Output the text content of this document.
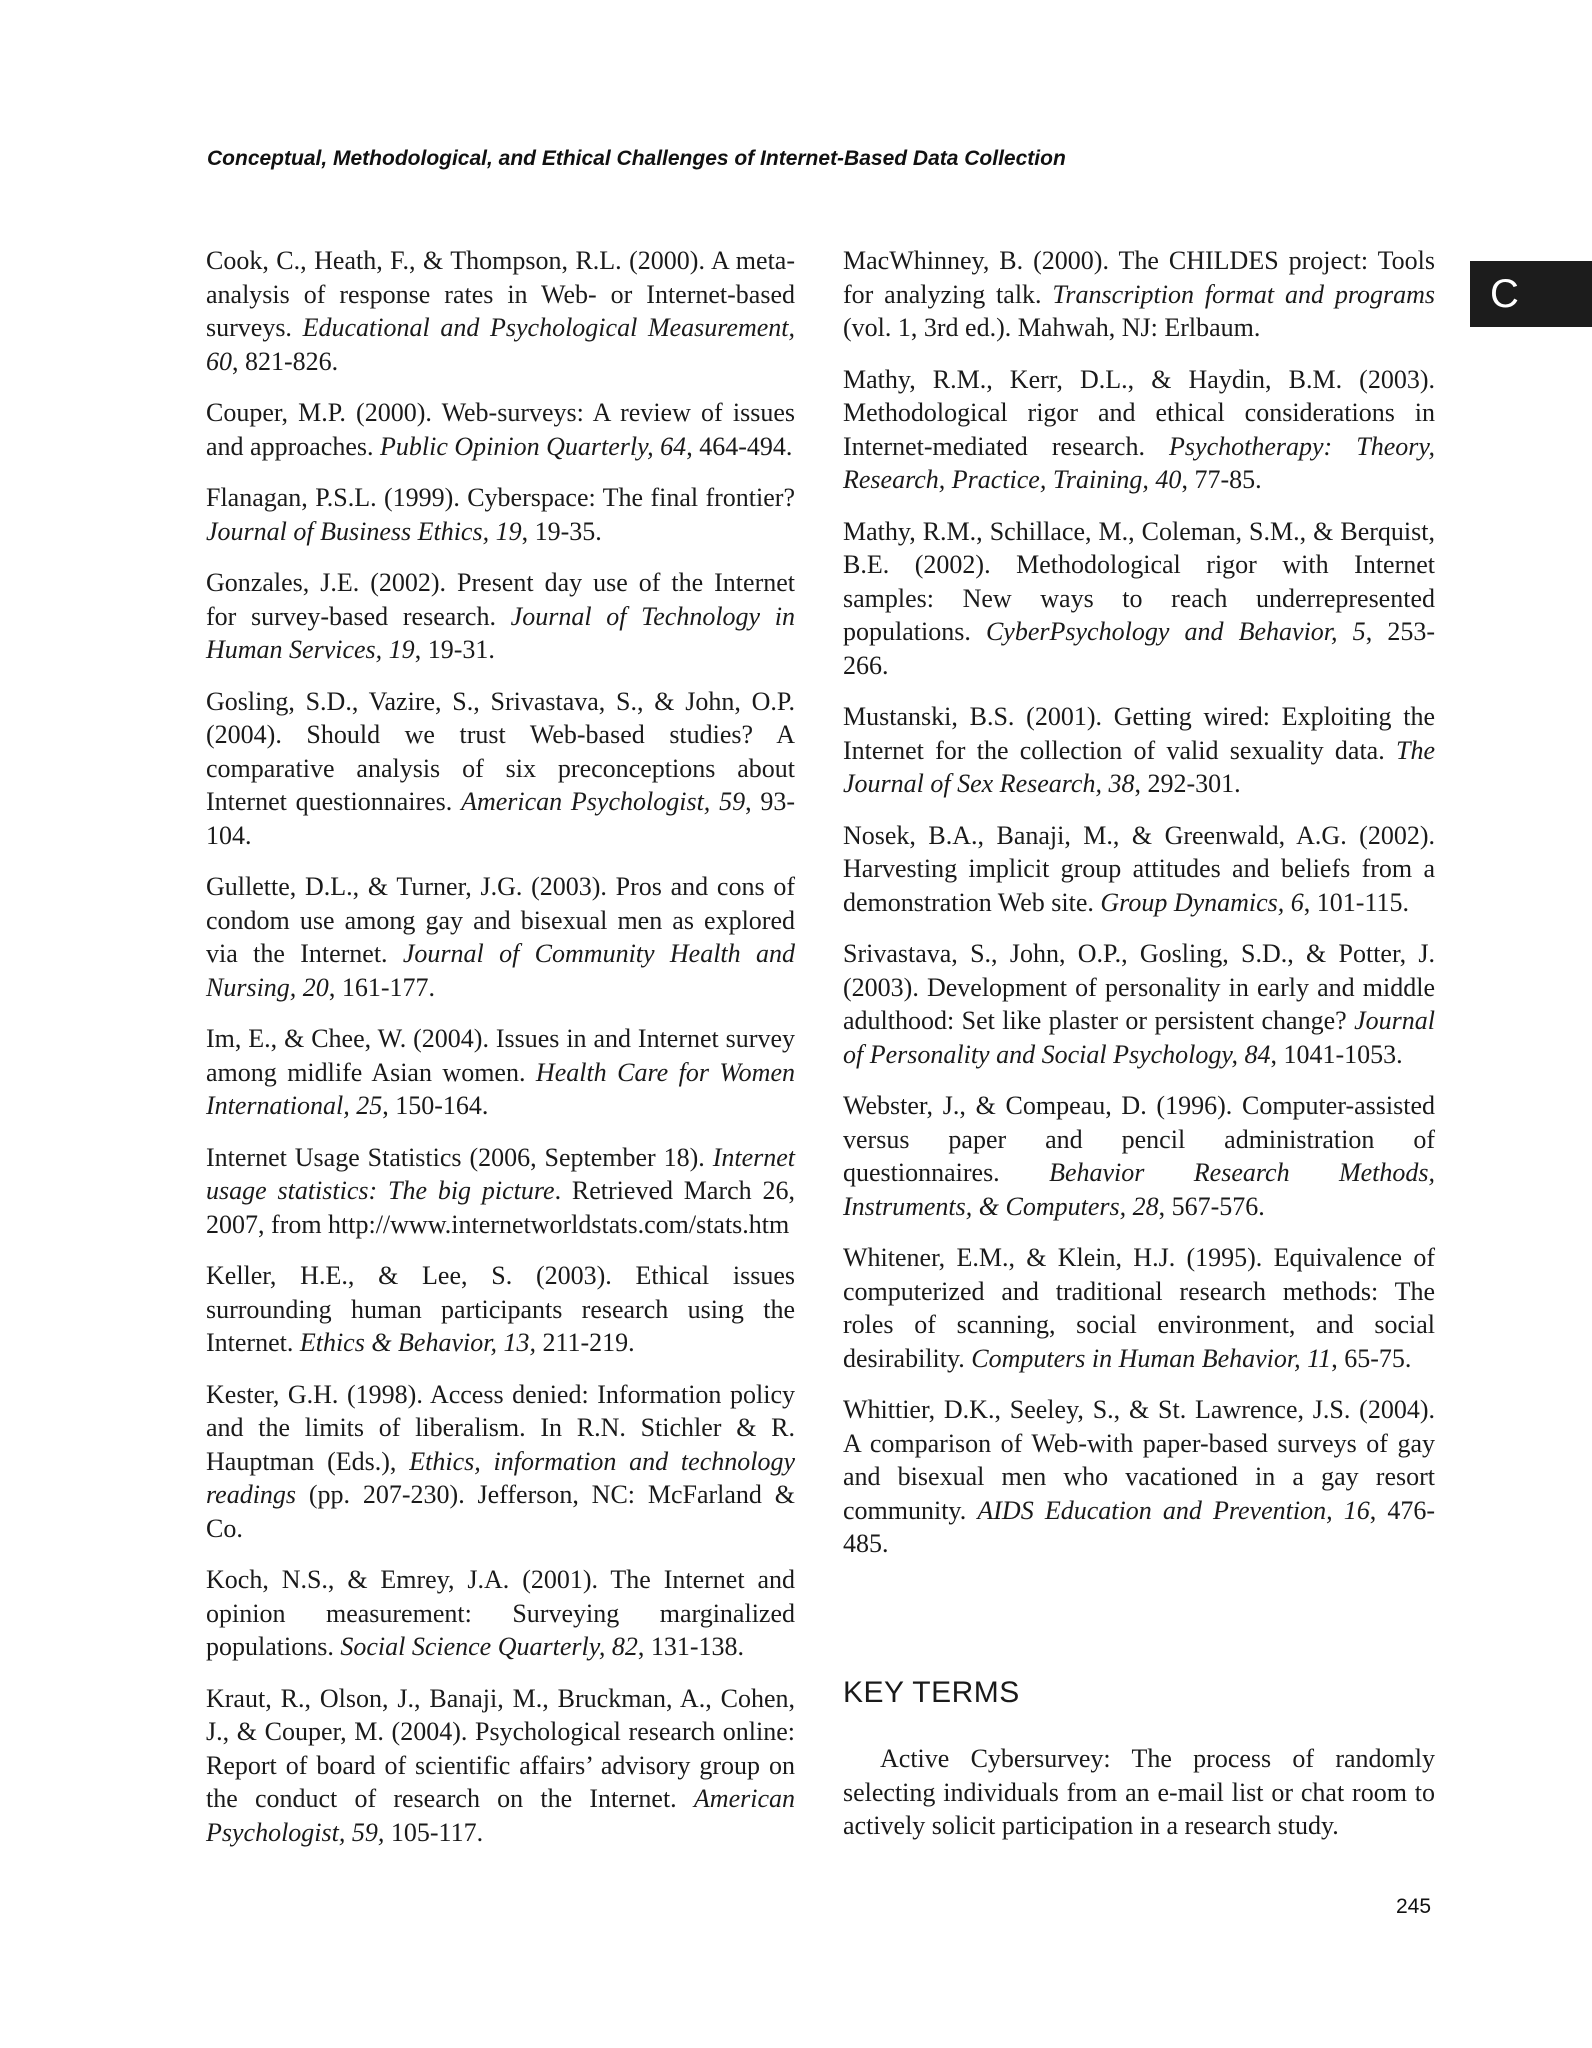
Conceptual, Methodological, and Ethical Challenges of Internet-Based Data Collection
C

Cook, C., Heath, F., & Thompson, R.L. (2000). A meta-analysis of response rates in Web- or Internet-based surveys. Educational and Psychological Measurement, 60, 821-826.

Couper, M.P. (2000). Web-surveys: A review of issues and approaches. Public Opinion Quarterly, 64, 464-494.

Flanagan, P.S.L. (1999). Cyberspace: The final frontier? Journal of Business Ethics, 19, 19-35.

Gonzales, J.E. (2002). Present day use of the Internet for survey-based research. Journal of Technology in Human Services, 19, 19-31.

Gosling, S.D., Vazire, S., Srivastava, S., & John, O.P. (2004). Should we trust Web-based studies? A comparative analysis of six preconceptions about Internet questionnaires. American Psychologist, 59, 93-104.

Gullette, D.L., & Turner, J.G. (2003). Pros and cons of condom use among gay and bisexual men as explored via the Internet. Journal of Community Health and Nursing, 20, 161-177.

Im, E., & Chee, W. (2004). Issues in and Internet survey among midlife Asian women. Health Care for Women International, 25, 150-164.

Internet Usage Statistics (2006, September 18). Internet usage statistics: The big picture. Retrieved March 26, 2007, from http://www.internetworldstats.com/stats.htm

Keller, H.E., & Lee, S. (2003). Ethical issues surrounding human participants research using the Internet. Ethics & Behavior, 13, 211-219.

Kester, G.H. (1998). Access denied: Information policy and the limits of liberalism. In R.N. Stichler & R. Hauptman (Eds.), Ethics, information and technology readings (pp. 207-230). Jefferson, NC: McFarland & Co.

Koch, N.S., & Emrey, J.A. (2001). The Internet and opinion measurement: Surveying marginalized populations. Social Science Quarterly, 82, 131-138.

Kraut, R., Olson, J., Banaji, M., Bruckman, A., Cohen, J., & Couper, M. (2004). Psychological research online: Report of board of scientific affairs’ advisory group on the conduct of research on the Internet. American Psychologist, 59, 105-117.

MacWhinney, B. (2000). The CHILDES project: Tools for analyzing talk. Transcription format and programs (vol. 1, 3rd ed.). Mahwah, NJ: Erlbaum.

Mathy, R.M., Kerr, D.L., & Haydin, B.M. (2003). Methodological rigor and ethical considerations in Internet-mediated research. Psychotherapy: Theory, Research, Practice, Training, 40, 77-85.

Mathy, R.M., Schillace, M., Coleman, S.M., & Berquist, B.E. (2002). Methodological rigor with Internet samples: New ways to reach underrepresented populations. CyberPsychology and Behavior, 5, 253-266.

Mustanski, B.S. (2001). Getting wired: Exploiting the Internet for the collection of valid sexuality data. The Journal of Sex Research, 38, 292-301.

Nosek, B.A., Banaji, M., & Greenwald, A.G. (2002). Harvesting implicit group attitudes and beliefs from a demonstration Web site. Group Dynamics, 6, 101-115.

Srivastava, S., John, O.P., Gosling, S.D., & Potter, J. (2003). Development of personality in early and middle adulthood: Set like plaster or persistent change? Journal of Personality and Social Psychology, 84, 1041-1053.

Webster, J., & Compeau, D. (1996). Computer-assisted versus paper and pencil administration of questionnaires. Behavior Research Methods, Instruments, & Computers, 28, 567-576.

Whitener, E.M., & Klein, H.J. (1995). Equivalence of computerized and traditional research methods: The roles of scanning, social environment, and social desirability. Computers in Human Behavior, 11, 65-75.

Whittier, D.K., Seeley, S., & St. Lawrence, J.S. (2004). A comparison of Web-with paper-based surveys of gay and bisexual men who vacationed in a gay resort community. AIDS Education and Prevention, 16, 476-485.

KEY TERMS

Active Cybersurvey: The process of randomly selecting individuals from an e-mail list or chat room to actively solicit participation in a research study.

245
